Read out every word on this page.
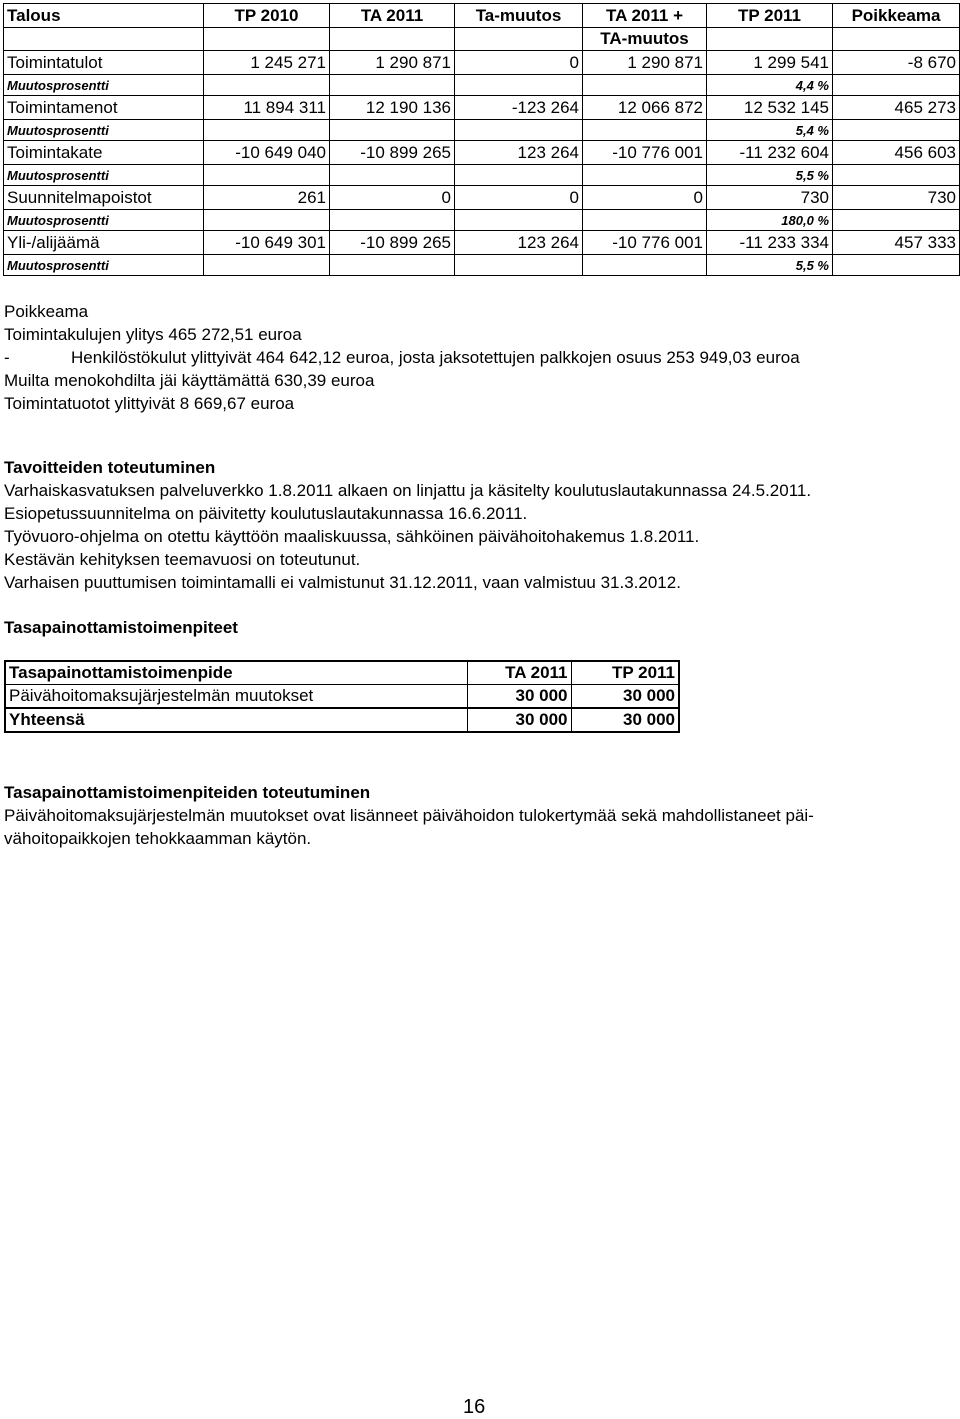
Talous	TP 2010	TA 2011	Ta-muutos	TA 2011 +	TP 2011	Poikkeama
				TA-muutos		
Toimintatulot	1 245 271	1 290 871	0	1 290 871	1 299 541	-8 670
Muutosprosentti					4,4 %	
Toimintamenot	11 894 311	12 190 136	-123 264	12 066 872	12 532 145	465 273
Muutosprosentti					5,4 %	
Toimintakate	-10 649 040	-10 899 265	123 264	-10 776 001	-11 232 604	456 603
Muutosprosentti					5,5 %	
Suunnitelmapoistot	261	0	0	0	730	730
Muutosprosentti					180,0 %	
Yli-/alijäämä	-10 649 301	-10 899 265	123 264	-10 776 001	-11 233 334	457 333
Muutosprosentti					5,5 %	
Poikkeama
Toimintakulujen ylitys 465 272,51 euroa
-	Henkilöstökulut ylittyivät 464 642,12 euroa, josta jaksotettujen palkkojen osuus 253 949,03 euroa
Muilta menokohdilta jäi käyttämättä 630,39 euroa
Toimintatuotot ylittyivät 8 669,67 euroa
Tavoitteiden toteutuminen
Varhaiskasvatuksen palveluverkko 1.8.2011 alkaen on linjattu ja käsitelty koulutuslautakunnassa 24.5.2011.
Esiopetussuunnitelma on päivitetty koulutuslautakunnassa 16.6.2011.
Työvuoro-ohjelma on otettu käyttöön maaliskuussa, sähköinen päivähoitohakemus 1.8.2011.
Kestävän kehityksen teemavuosi on toteutunut.
Varhaisen puuttumisen toimintamalli ei valmistunut 31.12.2011, vaan valmistuu 31.3.2012.
Tasapainottamistoimenpiteet
Tasapainottamistoimenpide	TA 2011	TP 2011
Päivähoitomaksujärjestelmän muutokset	30 000	30 000
Yhteensä	30 000	30 000
Tasapainottamistoimenpiteiden toteutuminen
Päivähoitomaksujärjestelmän muutokset ovat lisänneet päivähoidon tulokertymää sekä mahdollistaneet päi-
vähoitopaikkojen tehokkaamman käytön.
16
